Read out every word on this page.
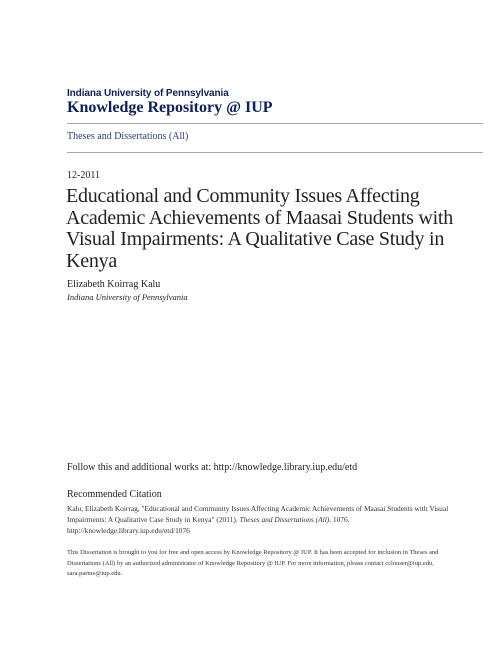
Indiana University of Pennsylvania
Knowledge Repository @ IUP
Theses and Dissertations (All)
12-2011
Educational and Community Issues Affecting Academic Achievements of Maasai Students with Visual Impairments: A Qualitative Case Study in Kenya
Elizabeth Koirrag Kalu
Indiana University of Pennsylvania
Follow this and additional works at: http://knowledge.library.iup.edu/etd
Recommended Citation

Kalu, Elizabeth Koirrag, "Educational and Community Issues Affecting Academic Achievements of Maasai Students with Visual Impairments: A Qualitative Case Study in Kenya" (2011). Theses and Dissertations (All). 1076.
http://knowledge.library.iup.edu/etd/1076

This Dissertation is brought to you for free and open access by Knowledge Repository @ IUP. It has been accepted for inclusion in Theses and Dissertations (All) by an authorized administrator of Knowledge Repository @ IUP. For more information, please contact cclouser@iup.edu, sara.parme@iup.edu.
